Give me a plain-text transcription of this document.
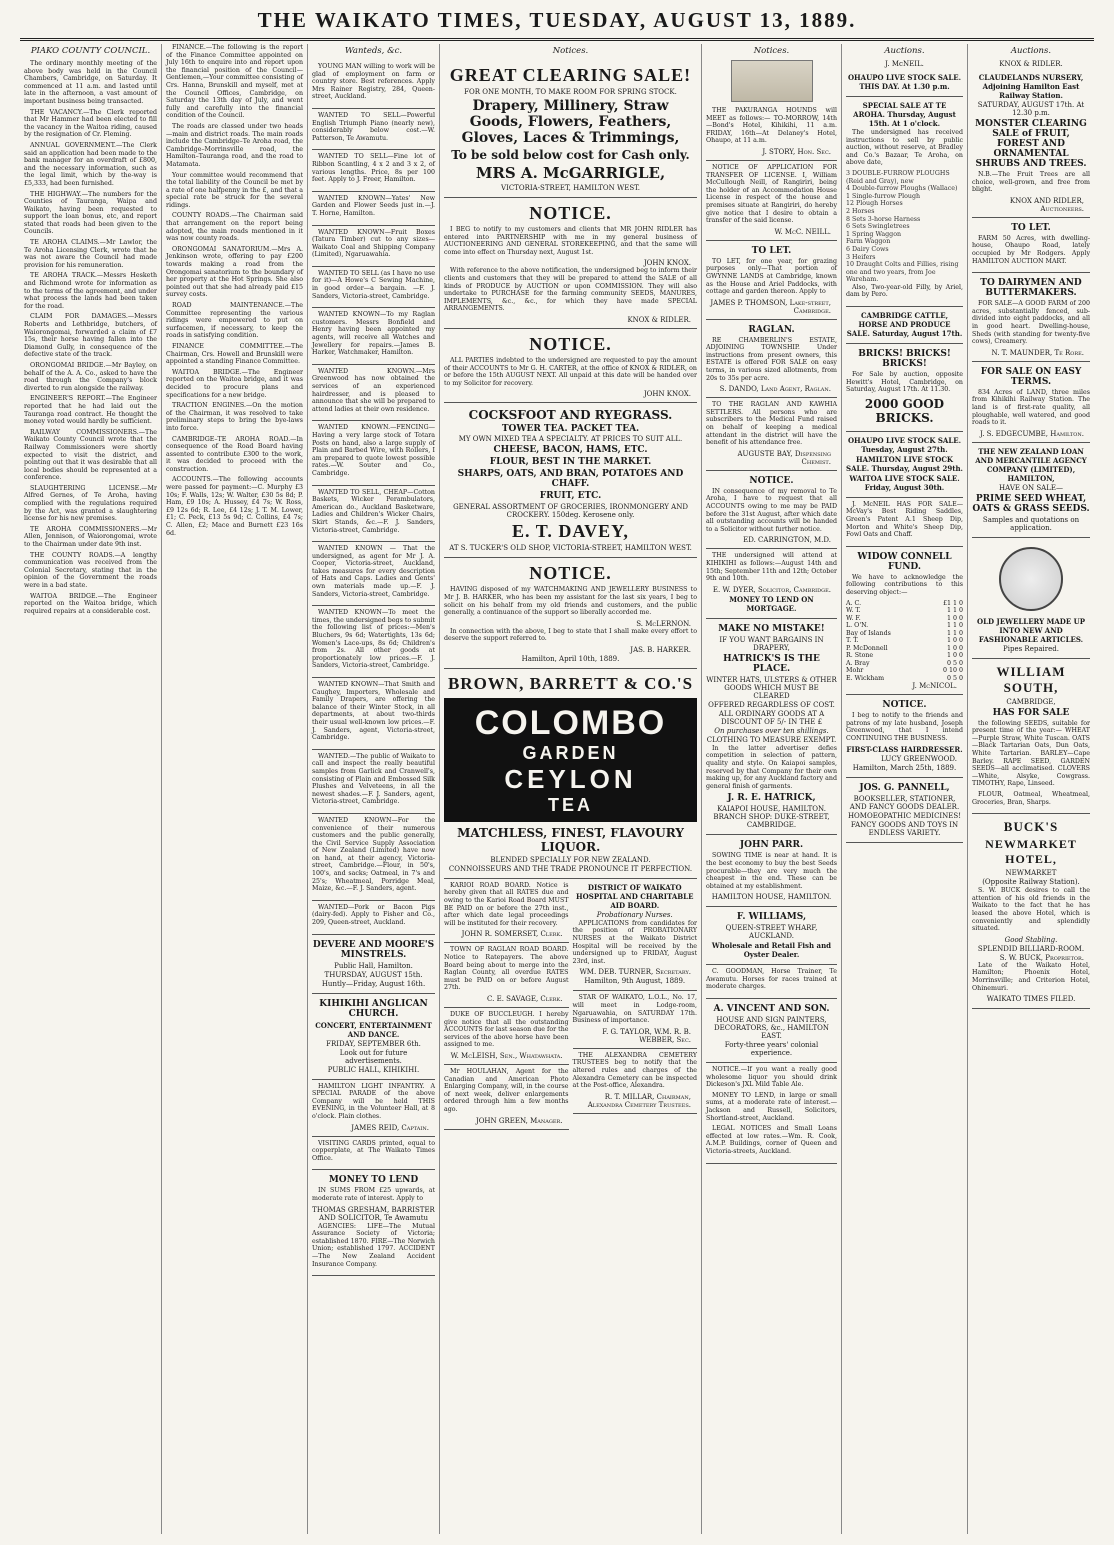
THE WAIKATO TIMES, TUESDAY, AUGUST 13, 1889.
PIAKO COUNTY COUNCIL.

The ordinary monthly meeting of the above body was held in the Council Chambers, Cambridge, on Saturday. It commenced at 11 a.m. and lasted until late in the afternoon, a vast amount of important business being transacted.

THE VACANCY.—The Clerk reported that Mr Hammer had been elected to fill the vacancy in the Waitoa riding, caused by the resignation of Cr. Fleming.

ANNUAL GOVERNMENT.—The Clerk said an application had been made to the bank manager for an overdraft of £800, and the necessary information, such as the legal limit, which by the-way is £5,333, had been furnished.

THE HIGHWAY.—The numbers for the Counties of Tauranga, Waipa and Waikato, having been requested to support the loan bonus, etc, and report stated that roads had been given to the Councils.

TE AROHA CLAIMS.—Mr Lawlor, the Te Aroha Licensing Clerk, wrote that he was not aware the Council had made provision for his remuneration.

TE AROHA TRACK.—Messrs Hesketh and Richmond wrote for information as to the terms of the agreement, and under what process the lands had been taken for the road.

CLAIM FOR DAMAGES.—Messrs Roberts and Lethbridge, butchers, of Waiorongomai, forwarded a claim of £7 15s, their horse having fallen into the Diamond Gully, in consequence of the defective state of the track.

ORONGOMAI BRIDGE.—Mr Bayley, on behalf of the A. A. Co., asked to have the road through the Company's block diverted to run alongside the railway.

ENGINEER'S REPORT.—The Engineer reported that he had laid out the Tauranga road contract. He thought the money voted would hardly be sufficient.

RAILWAY COMMISSIONERS.—The Waikato County Council wrote that the Railway Commissioners were shortly expected to visit the district, and pointing out that it was desirable that all local bodies should be represented at a conference.

SLAUGHTERING LICENSE.—Mr Alfred Gernes, of Te Aroha, having complied with the regulations required by the Act, was granted a slaughtering license for his new premises.

TE AROHA COMMISSIONERS.—Mr Allen, Jennison, of Waiorongomai, wrote to the Chairman under date 9th inst.

THE COUNTY ROADS.—A lengthy communication was received from the Colonial Secretary, stating that in the opinion of the Government the roads were in a bad state.

WAITOA BRIDGE.—The Engineer reported on the Waitoa bridge, which required repairs at a considerable cost.

FINANCE.—The following is the report of the Finance Committee appointed on July 16th to enquire into and report upon the financial position of the Council—Gentlemen,—Your committee consisting of Crs. Hanna, Brunskill and myself, met at the Council Offices, Cambridge, on Saturday the 13th day of July, and went fully and carefully into the financial condition of the Council.

The roads are classed under two heads—main and district roads. The main roads include the Cambridge–Te Aroha road, the Cambridge–Morrinsville road, the Hamilton–Tauranga road, and the road to Matamata.

Your committee would recommend that the total liability of the Council be met by a rate of one halfpenny in the £, and that a special rate be struck for the several ridings.

COUNTY ROADS.—The Chairman said that arrangement on the report being adopted, the main roads mentioned in it was now county roads.

ORONGOMAI SANATORIUM.—Mrs A. Jenkinson wrote, offering to pay £200 towards making a road from the Orongomai sanatorium to the boundary of her property at the Hot Springs. She also pointed out that she had already paid £15 survey costs.

ROAD MAINTENANCE.—The Committee representing the various ridings were empowered to put on surfacemen, if necessary, to keep the roads in satisfying condition.

FINANCE COMMITTEE.—The Chairman, Crs. Howell and Brunskill were appointed a standing Finance Committee.

WAITOA BRIDGE.—The Engineer reported on the Waitoa bridge, and it was decided to procure plans and specifications for a new bridge.

TRACTION ENGINES.—On the motion of the Chairman, it was resolved to take preliminary steps to bring the bye-laws into force.

CAMBRIDGE–TE AROHA ROAD.—In consequence of the Road Board having assented to contribute £300 to the work, it was decided to proceed with the construction.

ACCOUNTS.—The following accounts were passed for payment:—C. Murphy £3 10s; F. Walls, 12s; W. Walter, £30 5s 8d; P. Ham, £9 10s; A. Hussey, £4 7s; W. Ross, £9 12s 6d; R. Lee, £4 12s; J. T. M. Lower, £1; C. Peck, £13 5s 9d; C. Collins, £4 7s; C. Allen, £2; Mace and Burnett £23 16s 6d.

Wanteds, &c.

YOUNG MAN willing to work will be glad of employment on farm or country store. Best references. Apply Mrs Rainer Registry, 284, Queen-street, Auckland.

WANTED TO SELL—Powerful English Triumph Piano (nearly new), considerably below cost.—W. Patterson, Te Awamutu.

WANTED TO SELL—Fine lot of Ribbon Scantling, 4 x 2 and 3 x 2, of various lengths. Price, 8s per 100 feet. Apply to J. Freer, Hamilton.

WANTED KNOWN—Yates' New Garden and Flower Seeds just in.—J. T. Horne, Hamilton.

WANTED KNOWN—Fruit Boxes (Tatura Timber) cut to any sizes—Waikato Coal and Shipping Company (Limited), Ngaruawahia.

WANTED TO SELL (as I have no use for it)—A Howe's C Sewing Machine, in good order—a bargain. —F. J. Sanders, Victoria-street, Cambridge.

WANTED KNOWN—To my Raglan customers. Messrs Bonfield and Henry having been appointed my agents, will receive all Watches and Jewellery for repairs.—James B. Harker, Watchmaker, Hamilton.

WANTED KNOWN.—Mrs Greenwood has now obtained the services of an experienced hairdresser, and is pleased to announce that she will be prepared to attend ladies at their own residence.

WANTED KNOWN.—FENCING—Having a very large stock of Totara Posts on hand, also a large supply of Plain and Barbed Wire, with Rollers, I am prepared to quote lowest possible rates.—W. Souter and Co., Cambridge.

WANTED TO SELL, CHEAP—Cotton Baskets, Wicker Perambulators, American do., Auckland Basketware, Ladies and Children's Wicker Chairs, Skirt Stands, &c.—F. J. Sanders, Victoria-street, Cambridge.

WANTED KNOWN — That the undersigned, as agent for Mr J. A. Cooper, Victoria-street, Auckland, takes measures for every description of Hats and Caps. Ladies and Gents' own materials made up.—F. J. Sanders, Victoria-street, Cambridge.

WANTED KNOWN—To meet the times, the undersigned begs to submit the following list of prices:—Men's Bluchers, 9s 6d; Watertights, 13s 6d; Women's Lace-ups, 8s 6d; Children's from 2s. All other goods at proportionately low prices.—F. J. Sanders, Victoria-street, Cambridge.

WANTED KNOWN—That Smith and Caughey, Importers, Wholesale and Family Drapers, are offering the balance of their Winter Stock, in all departments, at about two-thirds their usual well-known low prices.—F. J. Sanders, agent, Victoria-street, Cambridge.

WANTED.—The public of Waikato to call and inspect the really beautiful samples from Garlick and Cranwell's, consisting of Plain and Embossed Silk Plushes and Velveteens, in all the newest shades.—F. J. Sanders, agent, Victoria-street, Cambridge.

WANTED KNOWN—For the convenience of their numerous customers and the public generally, the Civil Service Supply Association of New Zealand (Limited) have now on hand, at their agency, Victoria-street, Cambridge.—Flour, in 50's, 100's, and sacks; Oatmeal, in 7's and 25's; Wheatmeal, Porridge Meal, Maize, &c.—F. J. Sanders, agent.

WANTED—Pork or Bacon Pigs (dairy-fed). Apply to Fisher and Co., 209, Queen-street, Auckland.

DEVERE AND MOORE'S MINSTRELS.
Public Hall, Hamilton.
THURSDAY, AUGUST 15th.
Huntly—Friday, August 16th.
KIHIKIHI ANGLICAN CHURCH.
CONCERT, ENTERTAINMENT AND DANCE.
FRIDAY, SEPTEMBER 6th.
Look out for future advertisements.
PUBLIC HALL, KIHIKIHI.

HAMILTON LIGHT INFANTRY. A SPECIAL PARADE of the above Company will be held THIS EVENING, in the Volunteer Hall, at 8 o'clock. Plain clothes.

JAMES REID, Captain.

VISITING CARDS printed, equal to copperplate, at The Waikato Times Office.

MONEY TO LEND

IN SUMS FROM £25 upwards, at moderate rate of interest. Apply to

THOMAS GRESHAM, BARRISTER AND SOLICITOR, Te Awamutu

AGENCIES: LIFE—The Mutual Assurance Society of Victoria; established 1870. FIRE—The Norwich Union; established 1797. ACCIDENT—The New Zealand Accident Insurance Company.

Notices.
GREAT CLEARING SALE!
FOR ONE MONTH, TO MAKE ROOM FOR SPRING STOCK.
Drapery, Millinery, Straw Goods, Flowers, Feathers, Gloves, Laces & Trimmings,
To be sold below cost for Cash only.
MRS A. McGARRIGLE,
VICTORIA-STREET, HAMILTON WEST.
NOTICE.

I BEG to notify to my customers and clients that MR JOHN RIDLER has entered into PARTNERSHIP with me in my general business of AUCTIONEERING AND GENERAL STOREKEEPING, and that the same will come into effect on Thursday next, August 1st.

JOHN KNOX.

With reference to the above notification, the undersigned beg to inform their clients and customers that they will be prepared to attend the SALE of all kinds of PRODUCE by AUCTION or upon COMMISSION. They will also undertake to PURCHASE for the farming community SEEDS, MANURES, IMPLEMENTS, &c., &c., for which they have made SPECIAL ARRANGEMENTS.

KNOX & RIDLER.
NOTICE.

ALL PARTIES indebted to the undersigned are requested to pay the amount of their ACCOUNTS to Mr G. H. CARTER, at the office of KNOX & RIDLER, on or before the 15th AUGUST NEXT. All unpaid at this date will be handed over to my Solicitor for recovery.

JOHN KNOX.
COCKSFOOT AND RYEGRASS.
TOWER TEA. PACKET TEA.
MY OWN MIXED TEA A SPECIALTY. AT PRICES TO SUIT ALL.
CHEESE, BACON, HAMS, ETC.
FLOUR, BEST IN THE MARKET.
SHARPS, OATS, AND BRAN, POTATOES AND CHAFF.
FRUIT, ETC.
GENERAL ASSORTMENT OF GROCERIES, IRONMONGERY AND CROCKERY. 150deg. Kerosene only.
E. T. DAVEY,
AT S. TUCKER'S OLD SHOP, VICTORIA-STREET, HAMILTON WEST.
NOTICE.

HAVING disposed of my WATCHMAKING AND JEWELLERY BUSINESS to Mr J. B. HARKER, who has been my assistant for the last six years, I beg to solicit on his behalf from my old friends and customers, and the public generally, a continuance of the support so liberally accorded me.

S. McLERNON.

In connection with the above, I beg to state that I shall make every effort to deserve the support referred to.

JAS. B. HARKER.
Hamilton, April 10th, 1889.
BROWN, BARRETT & CO.'S
COLOMBO
GARDEN
CEYLON
TEA
MATCHLESS, FINEST, FLAVOURY LIQUOR.
BLENDED SPECIALLY FOR NEW ZEALAND.
CONNOISSEURS AND THE TRADE PRONOUNCE IT PERFECTION.

KARIOI ROAD BOARD. Notice is hereby given that all RATES due and owing to the Karioi Road Board MUST BE PAID on or before the 27th inst., after which date legal proceedings will be instituted for their recovery.

JOHN R. SOMERSET, Clerk.

TOWN OF RAGLAN ROAD BOARD. Notice to Ratepayers. The above Board being about to merge into the Raglan County, all overdue RATES must be PAID on or before August 27th.

C. E. SAVAGE, Clerk.

DUKE OF BUCCLEUGH. I hereby give notice that all the outstanding ACCOUNTS for last season due for the services of the above horse have been assigned to me.

W. McLEISH, Sen., Whatawhata.

Mr HOULAHAN, Agent for the Canadian and American Photo Enlarging Company, will, in the course of next week, deliver enlargements ordered through him a few months ago.

JOHN GREEN, Manager.
DISTRICT OF WAIKATO HOSPITAL AND CHARITABLE AID BOARD.
Probationary Nurses.

APPLICATIONS from candidates for the position of PROBATIONARY NURSES at the Waikato District Hospital will be received by the undersigned up to FRIDAY, August 23rd, inst.

WM. DEB. TURNER, Secretary.
Hamilton, 9th August, 1889.

STAR OF WAIKATO, L.O.L., No. 17, will meet in Lodge-room, Ngaruawahia, on SATURDAY 17th. Business of importance.

F. G. TAYLOR, W.M. R. B. WEBBER, Sec.

THE ALEXANDRA CEMETERY TRUSTEES beg to notify that the altered rules and charges of the Alexandra Cemetery can be inspected at the Post-office, Alexandra.

R. T. MILLAR, Chairman, Alexandra Cemetery Trustees.
Notices.

THE PAKURANGA HOUNDS will MEET as follows:— TO-MORROW, 14th—Bond's Hotel, Kihikihi, 11 a.m. FRIDAY, 16th—At Delaney's Hotel, Ohaupo, at 11 a.m.

J. STORY, Hon. Sec.

NOTICE OF APPLICATION FOR TRANSFER OF LICENSE. I, William McCullough Neill, of Rangiriri, being the holder of an Accommodation House License in respect of the house and premises situate at Rangiriri, do hereby give notice that I desire to obtain a transfer of the said license.

W. McC. NEILL.
TO LET.

TO LET, for one year, for grazing purposes only—That portion of GWYNNE LANDS at Cambridge, known as the House and Ariel Paddocks, with cottage and garden thereon. Apply to

JAMES P. THOMSON, Lake-street, Cambridge.
RAGLAN.

RE CHAMBERLIN'S ESTATE, ADJOINING TOWNSHIP. Under instructions from present owners, this ESTATE is offered FOR SALE on easy terms, in various sized allotments, from 20s to 35s per acre.

S. DANDO, Land Agent, Raglan.

TO THE RAGLAN AND KAWHIA SETTLERS. All persons who are subscribers to the Medical Fund raised on behalf of keeping a medical attendant in the district will have the benefit of his attendance free.

AUGUSTE BAY, Dispensing Chemist.
NOTICE.

IN consequence of my removal to Te Aroha, I have to request that all ACCOUNTS owing to me may be PAID before the 31st August, after which date all outstanding accounts will be handed to a Solicitor without further notice.

ED. CARRINGTON, M.D.

THE undersigned will attend at KIHIKIHI as follows:—August 14th and 15th; September 11th and 12th; October 9th and 10th.

E. W. DYER, Solicitor, Cambridge.
MONEY TO LEND ON MORTGAGE.
MAKE NO MISTAKE!
IF YOU WANT BARGAINS IN DRAPERY,
HATRICK'S IS THE PLACE.
WINTER HATS, ULSTERS & OTHER GOODS WHICH MUST BE CLEARED
OFFERED REGARDLESS OF COST.
ALL ORDINARY GOODS AT A DISCOUNT OF 5/- IN THE £
On purchases over ten shillings.
CLOTHING TO MEASURE EXEMPT.

In the latter advertiser defies competition in selection of pattern, quality and style. On Kaiapoi samples, reserved by that Company for their own making up, for any Auckland factory and general finish of garments.

J. R. E. HATRICK,
KAIAPOI HOUSE, HAMILTON. BRANCH SHOP: DUKE-STREET, CAMBRIDGE.
JOHN PARR.

SOWING TIME is near at hand. It is the best economy to buy the best Seeds procurable—they are very much the cheapest in the end. These can be obtained at my establishment.

HAMILTON HOUSE, HAMILTON.
F. WILLIAMS,
QUEEN-STREET WHARF, AUCKLAND.
Wholesale and Retail Fish and Oyster Dealer.

C. GOODMAN, Horse Trainer, Te Awamutu. Horses for races trained at moderate charges.

A. VINCENT AND SON.
HOUSE AND SIGN PAINTERS, DECORATORS, &c., HAMILTON EAST.
Forty-three years' colonial experience.

NOTICE.—If you want a really good wholesome liquor you should drink Dickeson's JXL Mild Table Ale.

MONEY TO LEND, in large or small sums, at a moderate rate of interest.—Jackson and Russell, Solicitors, Shortland-street, Auckland.

LEGAL NOTICES and Small Loans effected at low rates.—Wm. R. Cook, A.M.P. Buildings, corner of Queen and Victoria-streets, Auckland.

Auctions.
J. McNEIL.
OHAUPO LIVE STOCK SALE. THIS DAY. At 1.30 p.m.
SPECIAL SALE AT TE AROHA. Thursday, August 15th. At 1 o'clock.

The undersigned has received instructions to sell by public auction, without reserve, at Bradley and Co.'s Bazaar, Te Aroha, on above date,

3 DOUBLE-FURROW PLOUGHS (Reid and Gray), new
4 Double-furrow Ploughs (Wallace)
1 Single-furrow Plough
12 Plough Horses
2 Horses
8 Sets 3-horse Harness
6 Sets Swingletrees
1 Spring Waggon
Farm Waggon
6 Dairy Cows
3 Heifers
10 Draught Colts and Fillies, rising one and two years, from Joe Wareham.

Also, Two-year-old Filly, by Ariel, dam by Pero.

CAMBRIDGE CATTLE, HORSE AND PRODUCE SALE. Saturday, August 17th.
BRICKS! BRICKS! BRICKS!

For Sale by auction, opposite Hewitt's Hotel, Cambridge, on Saturday, August 17th. At 11.30.

2000 GOOD BRICKS.
OHAUPO LIVE STOCK SALE. Tuesday, August 27th.
HAMILTON LIVE STOCK SALE. Thursday, August 29th.
WAITOA LIVE STOCK SALE. Friday, August 30th.

J. McNEIL HAS FOR SALE—McVay's Best Riding Saddles, Green's Patent A.1 Sheep Dip, Morton and White's Sheep Dip, Fowl Oats and Chaff.

WIDOW CONNELL FUND.

We have to acknowledge the following contributions to this deserving object:—

A. C.	£1 1 0
W. T.	1 1 0
W. F.	1 0 0
L. O'N.	1 1 0
Bay of Islands	1 1 0
T. T.	1 0 0
P. McDonnell	1 0 0
R. Stone	1 0 0
A. Bray	0 5 0
Mohr	0 10 0
E. Wickham	0 5 0
J. McNICOL.
NOTICE.

I beg to notify to the friends and patrons of my late husband, Joseph Greenwood, that I intend CONTINUING THE BUSINESS.

FIRST-CLASS HAIRDRESSER.
LUCY GREENWOOD.
Hamilton, March 25th, 1889.
JOS. G. PANNELL,
BOOKSELLER, STATIONER, AND FANCY GOODS DEALER.
HOMOEOPATHIC MEDICINES!
FANCY GOODS AND TOYS IN ENDLESS VARIETY.
Auctions.
KNOX & RIDLER.
CLAUDELANDS NURSERY, Adjoining Hamilton East Railway Station.
SATURDAY, AUGUST 17th. At 12.30 p.m.
MONSTER CLEARING SALE of FRUIT, FOREST AND ORNAMENTAL SHRUBS AND TREES.

N.B.—The Fruit Trees are all choice, well-grown, and free from blight.

KNOX AND RIDLER, Auctioneers.
TO LET.

FARM 50 Acres, with dwelling-house, Ohaupo Road, lately occupied by Mr Rodgers. Apply HAMILTON AUCTION MART.

TO DAIRYMEN AND BUTTERMAKERS.

FOR SALE—A GOOD FARM of 200 acres, substantially fenced, sub-divided into eight paddocks, and all in good heart. Dwelling-house, Sheds (with standing for twenty-five cows), Creamery.

N. T. MAUNDER, Te Rore.
FOR SALE ON EASY TERMS.

834 Acres of LAND, three miles from Kihikihi Railway Station. The land is of first-rate quality, all ploughable, well watered, and good roads to it.

J. S. EDGECUMBE, Hamilton.
THE NEW ZEALAND LOAN AND MERCANTILE AGENCY COMPANY (LIMITED), HAMILTON,
HAVE ON SALE—
PRIME SEED WHEAT, OATS & GRASS SEEDS.
Samples and quotations on application.
OLD JEWELLERY MADE UP INTO NEW AND FASHIONABLE ARTICLES.
Pipes Repaired.
WILLIAM SOUTH,
CAMBRIDGE,
HAS FOR SALE

the following SEEDS, suitable for present time of the year:— WHEAT—Purple Straw, White Tuscan. OATS—Black Tartarian Oats, Dun Oats, White Tartarian. BARLEY—Cape Barley. RAPE SEED, GARDEN SEEDS—all acclimatised. CLOVERS—White, Alsyke, Cowgrass. TIMOTHY, Rape, Linseed.

FLOUR, Oatmeal, Wheatmeal, Groceries, Bran, Sharps.

BUCK'S
NEWMARKET HOTEL,
NEWMARKET
(Opposite Railway Station).

S. W. BUCK desires to call the attention of his old friends in the Waikato to the fact that he has leased the above Hotel, which is conveniently and splendidly situated.

Good Stabling.
SPLENDID BILLIARD-ROOM.
S. W. BUCK, Proprietor.

Late of the Waikato Hotel, Hamilton; Phoenix Hotel, Morrinsville; and Criterion Hotel, Ohinemuri.

WAIKATO TIMES FILED.
